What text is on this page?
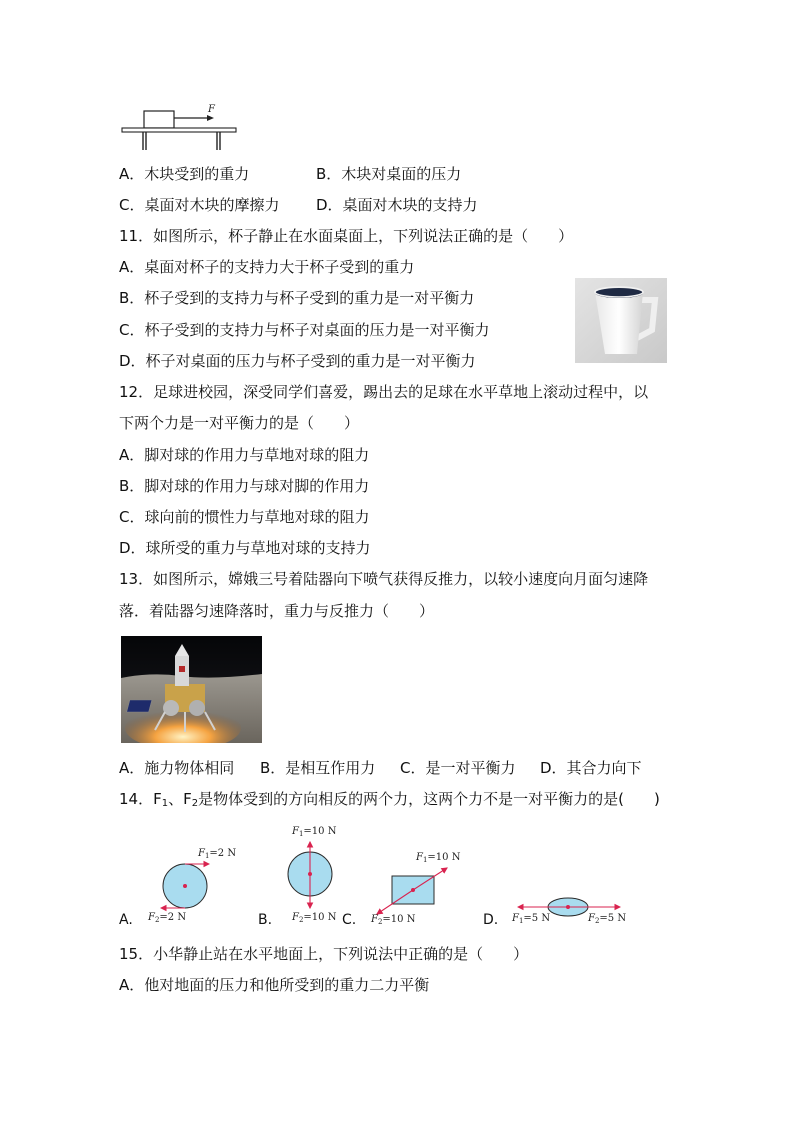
F
A．木块受到的重力	B．木块对桌面的压力
C．桌面对木块的摩擦力 D．桌面对木块的支持力
11．如图所示，杯子静止在水面桌面上，下列说法正确的是（　　）
A．桌面对杯子的支持力大于杯子受到的重力
B．杯子受到的支持力与杯子受到的重力是一对平衡力
C．杯子受到的支持力与杯子对桌面的压力是一对平衡力
D．杯子对桌面的压力与杯子受到的重力是一对平衡力
12．足球进校园，深受同学们喜爱，踢出去的足球在水平草地上滚动过程中，以
下两个力是一对平衡力的是（　　）
A．脚对球的作用力与草地对球的阻力
B．脚对球的作用力与球对脚的作用力
C．球向前的惯性力与草地对球的阻力
D．球所受的重力与草地对球的支持力
13．如图所示，嫦娥三号着陆器向下喷气获得反推力，以较小速度向月面匀速降
落．着陆器匀速降落时，重力与反推力（　　）
A．施力物体相同 B．是相互作用力 C．是一对平衡力 D．其合力向下
14．$F_1$、$F_2$是物体受到的方向相反的两个力，这两个力不是一对平衡力的是(　　)
A.
$F_1=2$ N
$F_2=2$ N	B.
$F_1=10$ N
$F_2=10$ N C.
$F_1=10$ N
$F_2=10$ N	D. $F_1=5$ N	$F_2=5$ N
15．小华静止站在水平地面上，下列说法中正确的是（　　）
A．他对地面的压力和他所受到的重力二力平衡
